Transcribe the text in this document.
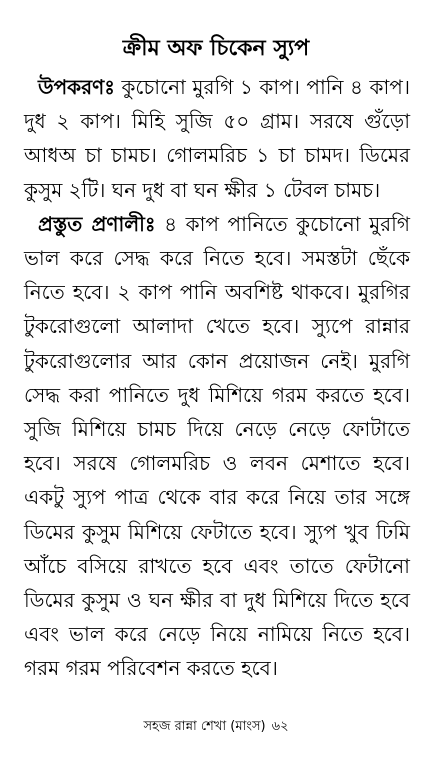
ক্রীম অফ চিকেন স্যুপ

উপকরণঃ কুচোনো মুরগি ১ কাপ। পানি ৪ কাপ। দুধ ২ কাপ। মিহি সুজি ৫০ গ্রাম। সরষে গুঁড়ো আধঅ চা চামচ। গোলমরিচ ১ চা চামদ। ডিমের কুসুম ২টি। ঘন দুধ বা ঘন ক্ষীর ১ টেবল চামচ।

প্রস্তুত প্রণালীঃ ৪ কাপ পানিতে কুচোনো মুরগি ভাল করে সেদ্ধ করে নিতে হবে। সমস্তটা ছেঁকে নিতে হবে। ২ কাপ পানি অবশিষ্ট থাকবে। মুরগির টুকরোগুলো আলাদা খেতে হবে। স্যুপে রান্নার টুকরোগুলোর আর কোন প্রয়োজন নেই। মুরগি সেদ্ধ করা পানিতে দুধ মিশিয়ে গরম করতে হবে। সুজি মিশিয়ে চামচ দিয়ে নেড়ে নেড়ে ফোটাতে হবে। সরষে গোলমরিচ ও লবন মেশাতে হবে। একটু স্যুপ পাত্র থেকে বার করে নিয়ে তার সঙ্গে ডিমের কুসুম মিশিয়ে ফেটাতে হবে। স্যুপ খুব ঢিমি আঁচে বসিয়ে রাখতে হবে এবং তাতে ফেটানো ডিমের কুসুম ও ঘন ক্ষীর বা দুধ মিশিয়ে দিতে হবে এবং ভাল করে নেড়ে নিয়ে নামিয়ে নিতে হবে। গরম গরম পরিবেশন করতে হবে।

সহজ রান্না শেখা (মাংস) ৬২
